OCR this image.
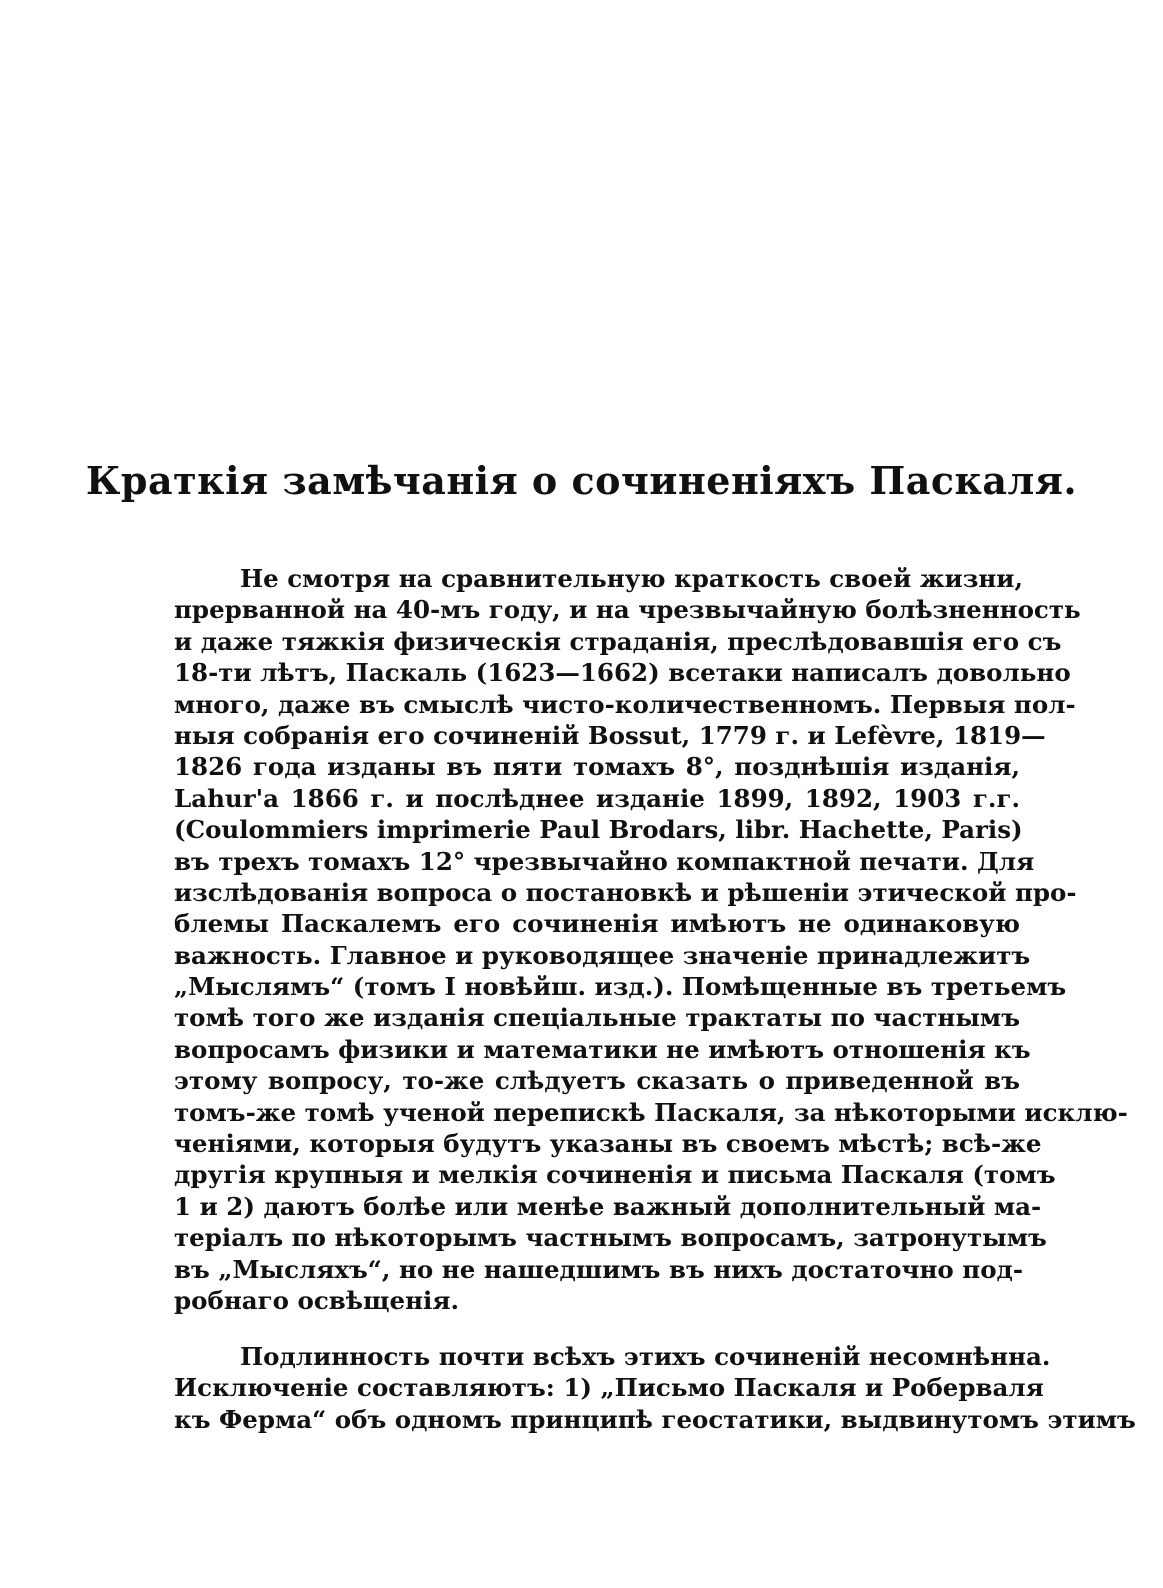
Краткія замѣчанія о сочиненіяхъ Паскаля.
Не смотря на сравнительную краткость своей жизни,
прерванной на 40-мъ году, и на чрезвычайную болѣзненность
и даже тяжкія физическія страданія, преслѣдовавшія его съ
18-ти лѣтъ, Паскаль (1623—1662) всетаки написалъ довольно
много, даже въ смыслѣ чисто-количественномъ. Первыя пол-
ныя собранія его сочиненій Bossut, 1779 г. и Lefèvre, 1819—
1826 года изданы въ пяти томахъ 8°, позднѣшія изданія,
Lahur'a 1866 г. и послѣднее изданіе 1899, 1892, 1903 г.г.
(Coulommiers imprimerie Paul Brodars, libr. Hachette, Paris)
въ трехъ томахъ 12° чрезвычайно компактной печати. Для
изслѣдованія вопроса о постановкѣ и рѣшеніи этической про-
блемы Паскалемъ его сочиненія имѣютъ не одинаковую
важность. Главное и руководящее значеніе принадлежитъ
„Мыслямъ“ (томъ I новѣйш. изд.). Помѣщенные въ третьемъ
томѣ того же изданія спеціальные трактаты по частнымъ
вопросамъ физики и математики не имѣютъ отношенія къ
этому вопросу, то-же слѣдуетъ сказать о приведенной въ
томъ-же томѣ ученой перепискѣ Паскаля, за нѣкоторыми исклю-
ченіями, которыя будутъ указаны въ своемъ мѣстѣ; всѣ-же
другія крупныя и мелкія сочиненія и письма Паскаля (томъ
1 и 2) даютъ болѣе или менѣе важный дополнительный ма-
теріалъ по нѣкоторымъ частнымъ вопросамъ, затронутымъ
въ „Мысляхъ“, но не нашедшимъ въ нихъ достаточно под-
робнаго освѣщенія.
Подлинность почти всѣхъ этихъ сочиненій несомнѣнна.
Исключеніе составляютъ: 1) „Письмо Паскаля и Роберваля
къ Ферма“ объ одномъ принципѣ геостатики, выдвинутомъ этимъ
